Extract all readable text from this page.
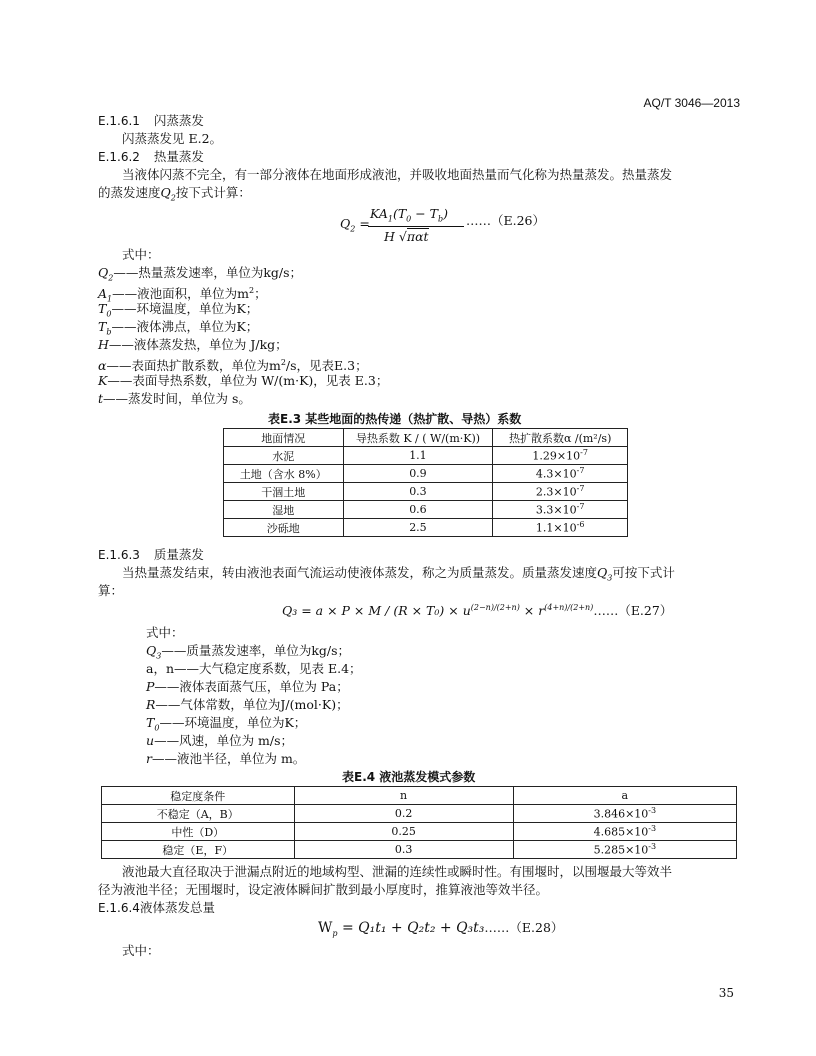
AQ/T 3046—2013
E.1.6.1 闪蒸蒸发
闪蒸蒸发见 E.2。
E.1.6.2 热量蒸发
当液体闪蒸不完全，有一部分液体在地面形成液池，并吸收地面热量而气化称为热量蒸发。热量蒸发
的蒸发速度$Q_2$按下式计算：
$Q_2$ =
$KA_1(T_0 - T_b)$
H √παt
……（E.26）
式中：
$Q_2——$热量蒸发速率，单位为kg/s；
$A_1——$液池面积，单位为$m^2$；
$T_0——$环境温度，单位为K；
$T_b——$液体沸点，单位为K；
H——液体蒸发热，单位为 J/kg；
α——表面热扩散系数，单位为$m^2/s$，见表E.3；
K——表面导热系数，单位为 W/(m·K)，见表 E.3；
t——蒸发时间，单位为 s。
表E.3 某些地面的热传递（热扩散、导热）系数
地面情况	导热系数 K / ( W/(m·K))	热扩散系数α /(m²/s)
水泥	1.1	$1.29\times 10^{-7}$
土地（含水 8%）	0.9	$4.3\times 10^{-7}$
干涸土地	0.3	$2.3\times 10^{-7}$
湿地	0.6	$3.3\times 10^{-7}$
沙砾地	2.5	$1.1\times 10^{-6}$
E.1.6.3 质量蒸发
当热量蒸发结束，转由液池表面气流运动使液体蒸发，称之为质量蒸发。质量蒸发速度$Q_3$可按下式计
算：
$Q_3 = a \times P \times M / (R \times T_0) \times u^{(2-n)/(2+n)}$ × $r^{(4+n)/(2+n)}\dots\dots(E.27)$
式中：
$Q_3——$质量蒸发速率，单位为kg/s；
a，n——大气稳定度系数，见表 E.4；
P——液体表面蒸气压，单位为 Pa；
R——气体常数，单位为J/(mol·K)；
$T_0——$环境温度，单位为K；
u——风速，单位为 m/s；
r——液池半径，单位为 m。
表E.4 液池蒸发模式参数
稳定度条件	n	a
不稳定（A，B）	0.2	$3.846\times 10^{-3}$
中性（D）	0.25	$4.685\times 10^{-3}$
稳定（E，F）	0.3	$5.285\times 10^{-3}$
液池最大直径取决于泄漏点附近的地域构型、泄漏的连续性或瞬时性。有围堰时，以围堰最大等效半
径为液池半径；无围堰时，设定液体瞬间扩散到最小厚度时，推算液池等效半径。
E.1.6.4液体蒸发总量
$W_p = Q_1t_1 + Q_2t_2$ + Q₃t₃……（E.28）
式中：
35
